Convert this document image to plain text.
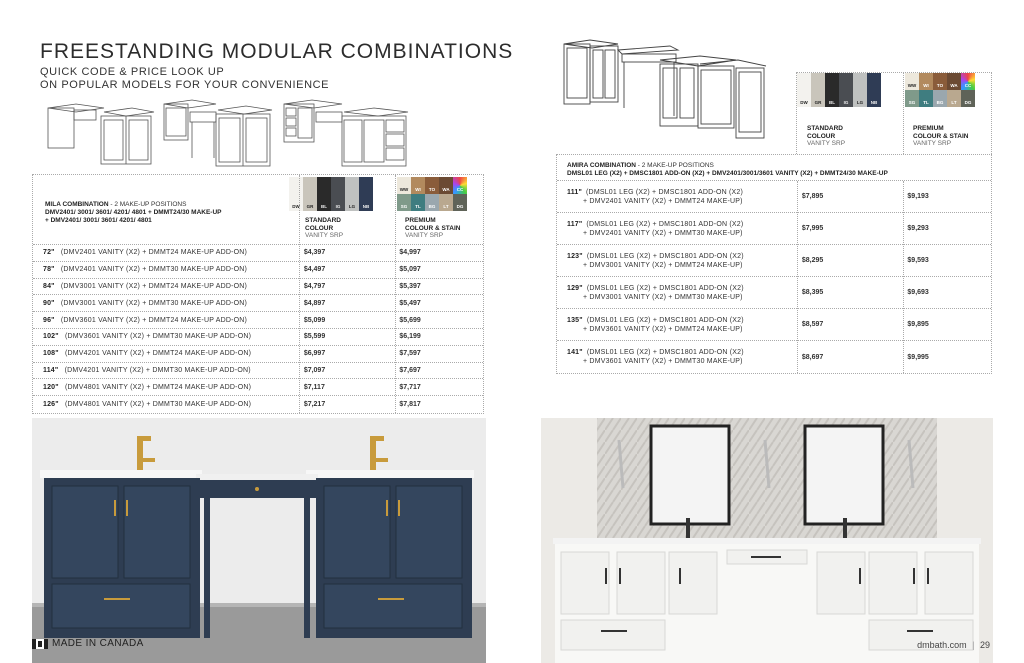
FREESTANDING MODULAR COMBINATIONS
QUICK CODE & PRICE LOOK UP
ON POPULAR MODELS FOR YOUR CONVENIENCE
MILA COMBINATION - 2 MAKE-UP POSITIONS
DMV2401/ 3001/ 3601/ 4201/ 4801 + DMMT24/30 MAKE-UP
+ DMV2401/ 3001/ 3601/ 4201/ 4801
DW	GR	BL	IG	LG	NB
WW	WI	TO	WA	CC
SG	TL	BG	LT	DG
STANDARD
COLOUR
VANITY SRP
PREMIUM
COLOUR & STAIN
VANITY SRP
72" (DMV2401 VANITY (X2) + DMMT24 MAKE-UP ADD-ON)	$4,397	$4,997
78" (DMV2401 VANITY (X2) + DMMT30 MAKE-UP ADD-ON)	$4,497	$5,097
84" (DMV3001 VANITY (X2) + DMMT24 MAKE-UP ADD-ON)	$4,797	$5,397
90" (DMV3001 VANITY (X2) + DMMT30 MAKE-UP ADD-ON)	$4,897	$5,497
96" (DMV3601 VANITY (X2) + DMMT24 MAKE-UP ADD-ON)	$5,099	$5,699
102" (DMV3601 VANITY (X2) + DMMT30 MAKE-UP ADD-ON)	$5,599	$6,199
108" (DMV4201 VANITY (X2) + DMMT24 MAKE-UP ADD-ON)	$6,997	$7,597
114" (DMV4201 VANITY (X2) + DMMT30 MAKE-UP ADD-ON)	$7,097	$7,697
120" (DMV4801 VANITY (X2) + DMMT24 MAKE-UP ADD-ON)	$7,117	$7,717
126" (DMV4801 VANITY (X2) + DMMT30 MAKE-UP ADD-ON)	$7,217	$7,817
DW	GR	BL	IG	LG	NB
WW	WI	TO	WA	CC
SG	TL	BG	LT	DG
STANDARD
COLOUR
VANITY SRP
PREMIUM
COLOUR & STAIN
VANITY SRP
AMIRA COMBINATION - 2 MAKE-UP POSITIONS
DMSL01 LEG (X2) + DMSC1801 ADD-ON (X2) + DMV2401/3001/3601 VANITY (X2) + DMMT24/30 MAKE-UP
111" (DMSL01 LEG (X2) + DMSC1801 ADD-ON (X2)
+ DMV2401 VANITY (X2) + DMMT24 MAKE-UP)
$7,895	$9,193
117" (DMSL01 LEG (X2) + DMSC1801 ADD-ON (X2)
+ DMV2401 VANITY (X2) + DMMT30 MAKE-UP)
$7,995	$9,293
123" (DMSL01 LEG (X2) + DMSC1801 ADD-ON (X2)
+ DMV3001 VANITY (X2) + DMMT24 MAKE-UP)
$8,295	$9,593
129" (DMSL01 LEG (X2) + DMSC1801 ADD-ON (X2)
+ DMV3001 VANITY (X2) + DMMT30 MAKE-UP)
$8,395	$9,693
135" (DMSL01 LEG (X2) + DMSC1801 ADD-ON (X2)
+ DMV3601 VANITY (X2) + DMMT24 MAKE-UP)
$8,597	$9,895
141" (DMSL01 LEG (X2) + DMSC1801 ADD-ON (X2)
+ DMV3601 VANITY (X2) + DMMT30 MAKE-UP)
$8,697	$9,995
MADE IN CANADA	dmbath.com | 29
